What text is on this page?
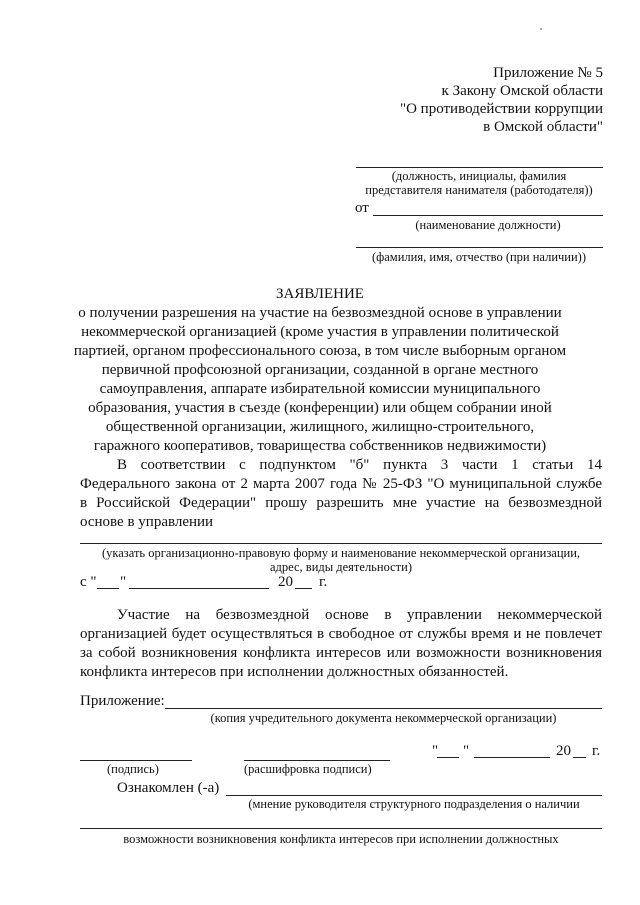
Приложение № 5
к Закону Омской области
"О противодействии коррупции
в Омской области"
(должность, инициалы, фамилия
представителя нанимателя (работодателя))
от
(наименование должности)
(фамилия, имя, отчество (при наличии))
ЗАЯВЛЕНИЕ
о получении разрешения на участие на безвозмездной основе в управлении
некоммерческой организацией (кроме участия в управлении политической
партией, органом профессионального союза, в том числе выборным органом
первичной профсоюзной организации, созданной в органе местного
самоуправления, аппарате избирательной комиссии муниципального
образования, участия в съезде (конференции) или общем собрании иной
общественной организации, жилищного, жилищно-строительного,
гаражного кооперативов, товарищества собственников недвижимости)
В соответствии с подпунктом "б" пункта 3 части 1 статьи 14
Федерального закона от 2 марта 2007 года № 25-ФЗ "О муниципальной службе
в Российской Федерации" прошу разрешить мне участие на безвозмездной
основе в управлении
(указать организационно-правовую форму и наименование некоммерческой организации,
адрес, виды деятельности)
с " "	20 г.
Участие на безвозмездной основе в управлении некоммерческой
организацией будет осуществляться в свободное от службы время и не повлечет
за собой возникновения конфликта интересов или возможности возникновения
конфликта интересов при исполнении должностных обязанностей.
Приложение:
(копия учредительного документа некоммерческой организации)
" "	20 г.
(подпись)	(расшифровка подписи)
Ознакомлен (-а)
(мнение руководителя структурного подразделения о наличии
возможности возникновения конфликта интересов при исполнении должностных
